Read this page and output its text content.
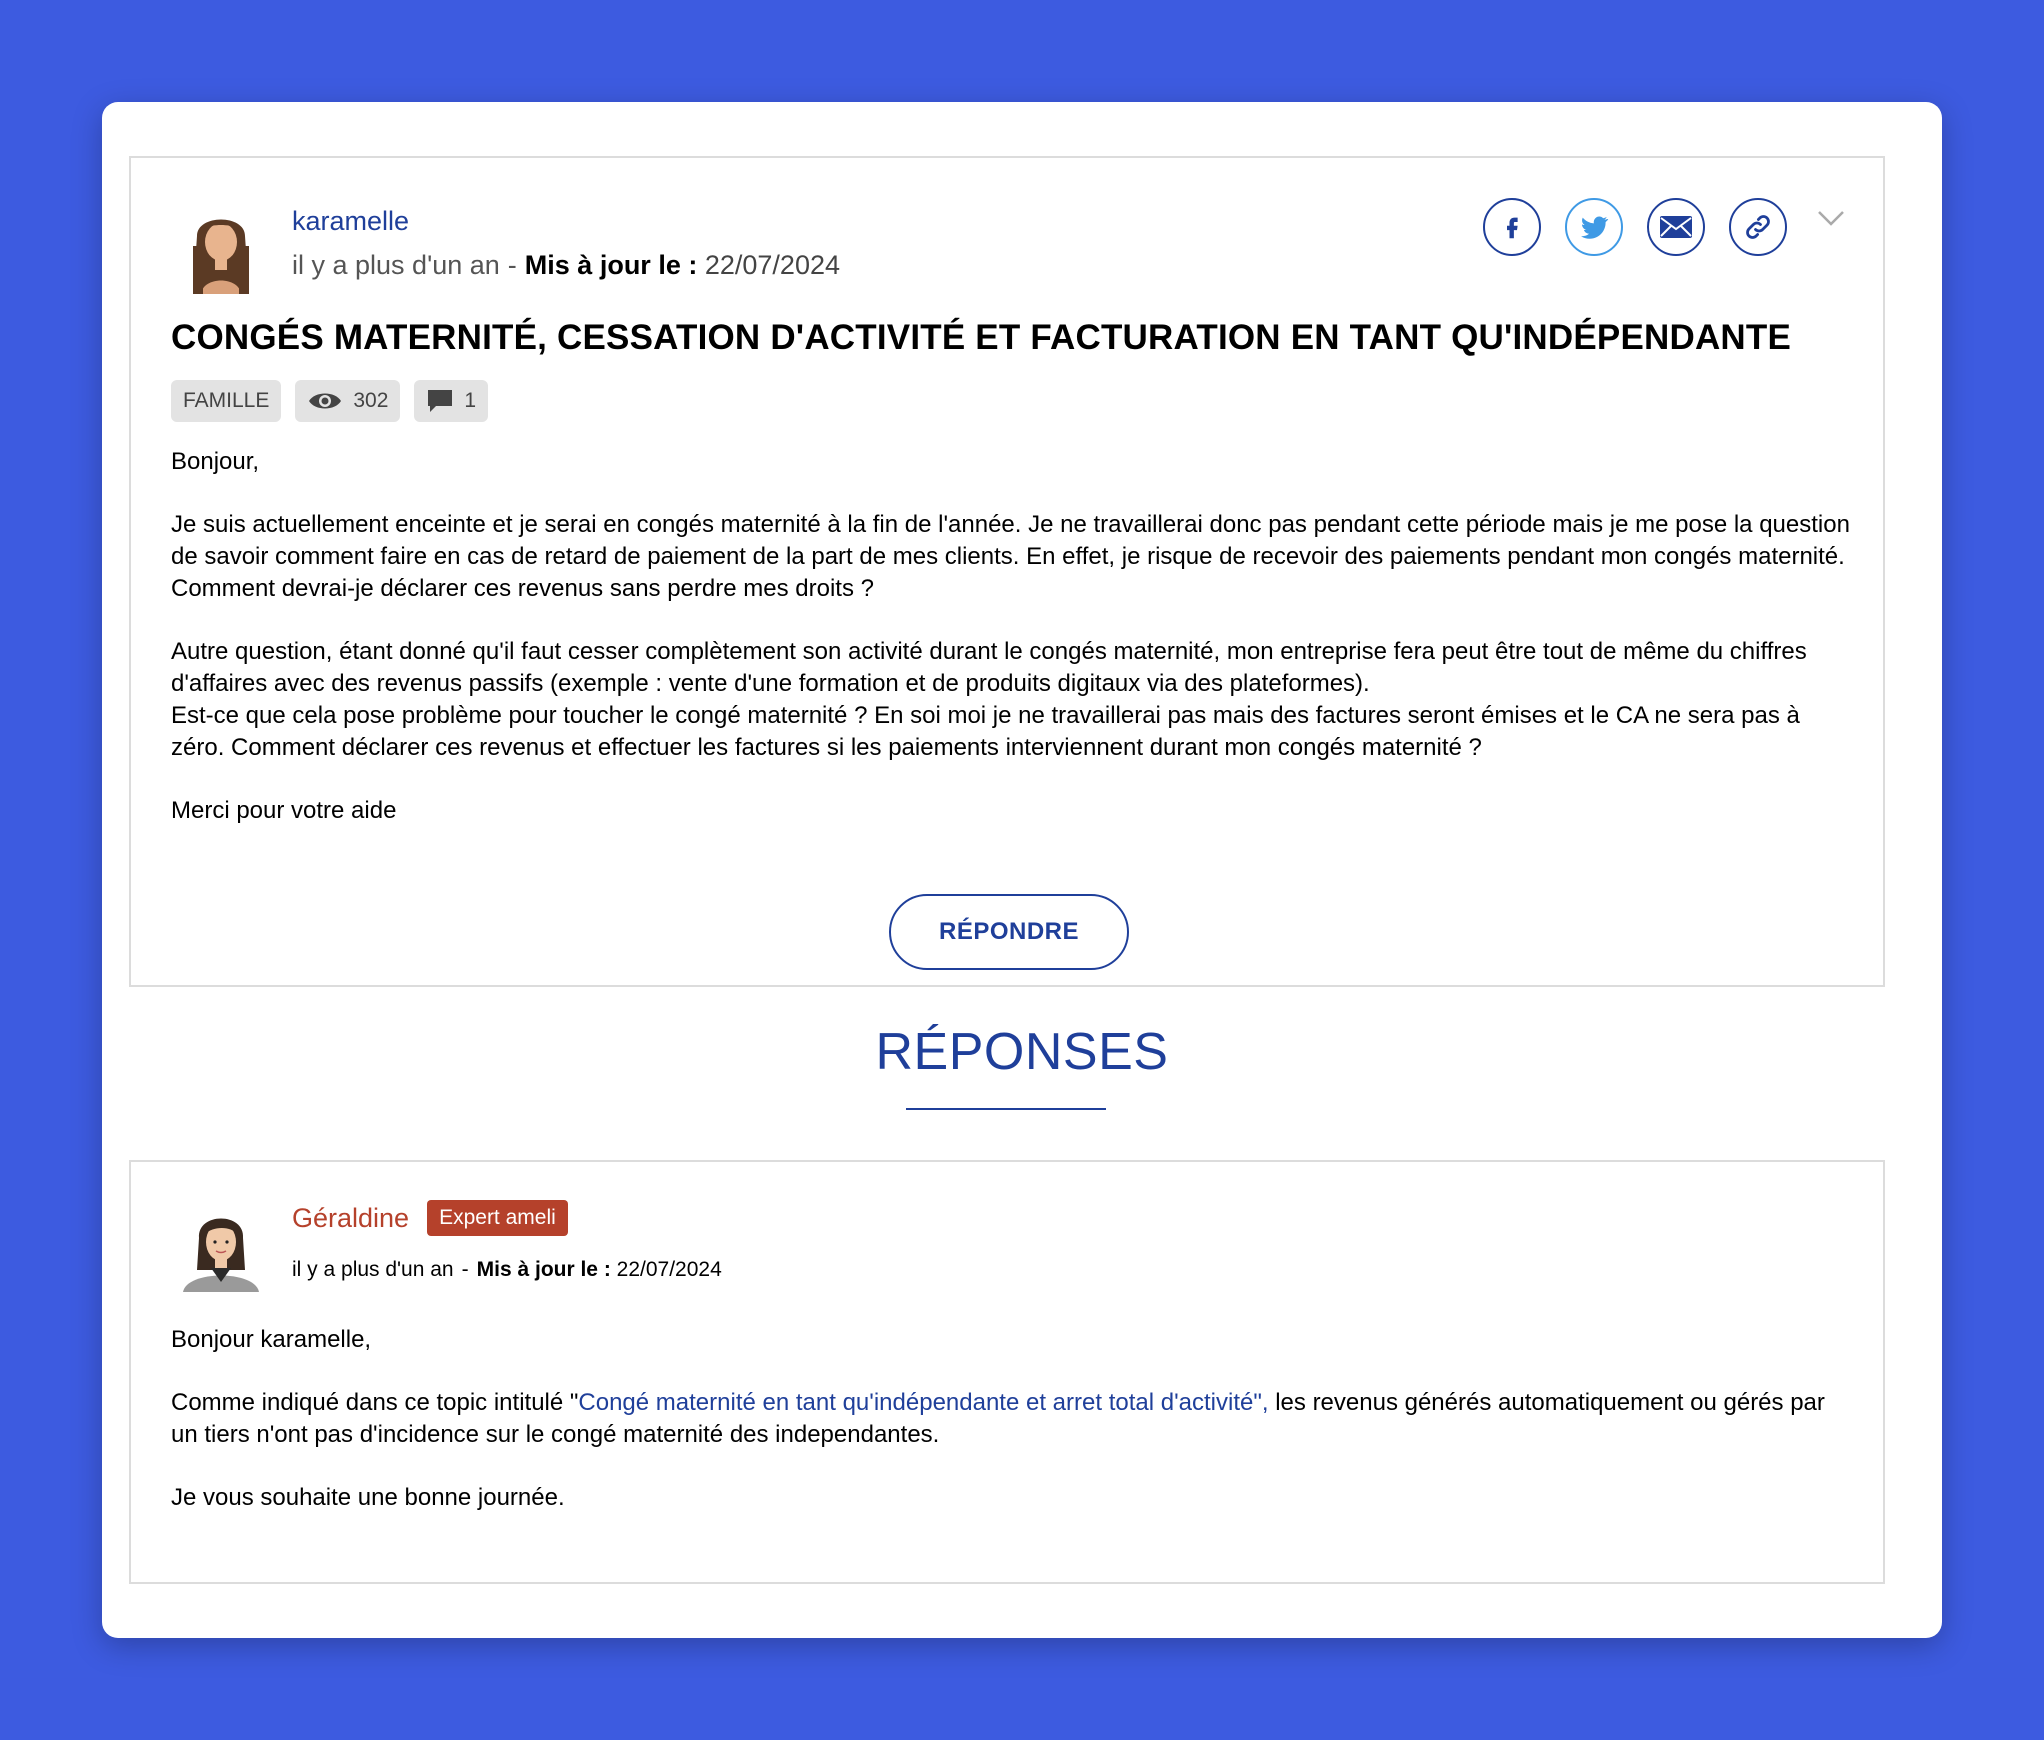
karamelle
il y a plus d'un an - Mis à jour le : 22/07/2024
CONGÉS MATERNITÉ, CESSATION D'ACTIVITÉ ET FACTURATION EN TANT QU'INDÉPENDANTE
FAMILLE	302	1

Bonjour,

Je suis actuellement enceinte et je serai en congés maternité à la fin de l'année. Je ne travaillerai donc pas pendant cette période mais je me pose la question de savoir comment faire en cas de retard de paiement de la part de mes clients. En effet, je risque de recevoir des paiements pendant mon congés maternité. Comment devrai-je déclarer ces revenus sans perdre mes droits ?

Autre question, étant donné qu'il faut cesser complètement son activité durant le congés maternité, mon entreprise fera peut être tout de même du chiffres d'affaires avec des revenus passifs (exemple : vente d'une formation et de produits digitaux via des plateformes).

Est-ce que cela pose problème pour toucher le congé maternité ? En soi moi je ne travaillerai pas mais des factures seront émises et le CA ne sera pas à zéro. Comment déclarer ces revenus et effectuer les factures si les paiements interviennent durant mon congés maternité ?

Merci pour votre aide

RÉPONDRE
RÉPONSES
Géraldine	Expert ameli
il y a plus d'un an - Mis à jour le : 22/07/2024

Bonjour karamelle,

Comme indiqué dans ce topic intitulé "Congé maternité en tant qu'indépendante et arret total d'activité", les revenus générés automatiquement ou gérés par un tiers n'ont pas d'incidence sur le congé maternité des independantes.

Je vous souhaite une bonne journée.
